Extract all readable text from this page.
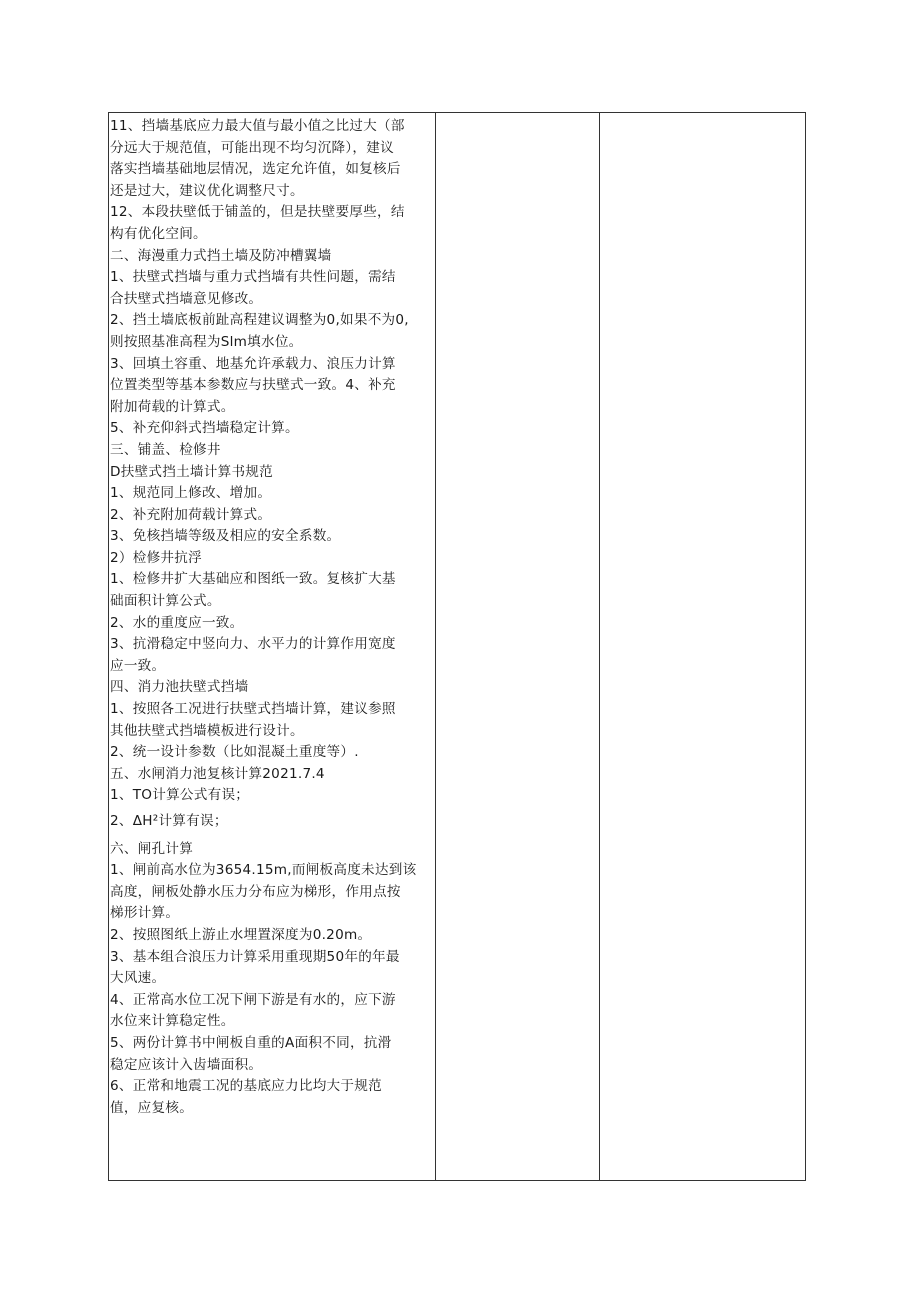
11、挡墙基底应力最大值与最小值之比过大（部
分远大于规范值，可能出现不均匀沉降），建议
落实挡墙基础地层情况，选定允许值，如复核后
还是过大，建议优化调整尺寸。
12、本段扶壁低于铺盖的，但是扶壁要厚些，结
构有优化空间。
二、海漫重力式挡土墙及防冲槽翼墙
1、扶壁式挡墙与重力式挡墙有共性问题，需结
合扶壁式挡墙意见修改。
2、挡土墙底板前趾高程建议调整为0,如果不为0,
则按照基准高程为Slm填水位。
3、回填土容重、地基允许承载力、浪压力计算
位置类型等基本参数应与扶壁式一致。4、补充
附加荷载的计算式。
5、补充仰斜式挡墙稳定计算。
三、铺盖、检修井
D扶壁式挡土墙计算书规范
1、规范同上修改、增加。
2、补充附加荷载计算式。
3、免核挡墙等级及相应的安全系数。
2）检修井抗浮
1、检修井扩大基础应和图纸一致。复核扩大基
础面积计算公式。
2、水的重度应一致。
3、抗滑稳定中竖向力、水平力的计算作用宽度
应一致。
四、消力池扶壁式挡墙
1、按照各工况进行扶壁式挡墙计算，建议参照
其他扶壁式挡墙模板进行设计。
2、统一设计参数（比如混凝土重度等）.
五、水闸消力池复核计算2021.7.4
1、TO计算公式有误；
2、ΔH²计算有误；
六、闸孔计算
1、闸前高水位为3654.15m,而闸板高度未达到该
高度，闸板处静水压力分布应为梯形，作用点按
梯形计算。
2、按照图纸上游止水埋置深度为0.20m。
3、基本组合浪压力计算采用重现期50年的年最
大风速。
4、正常高水位工况下闸下游是有水的，应下游
水位来计算稳定性。
5、两份计算书中闸板自重的A面积不同，抗滑
稳定应该计入齿墙面积。
6、正常和地震工况的基底应力比均大于规范
值，应复核。
